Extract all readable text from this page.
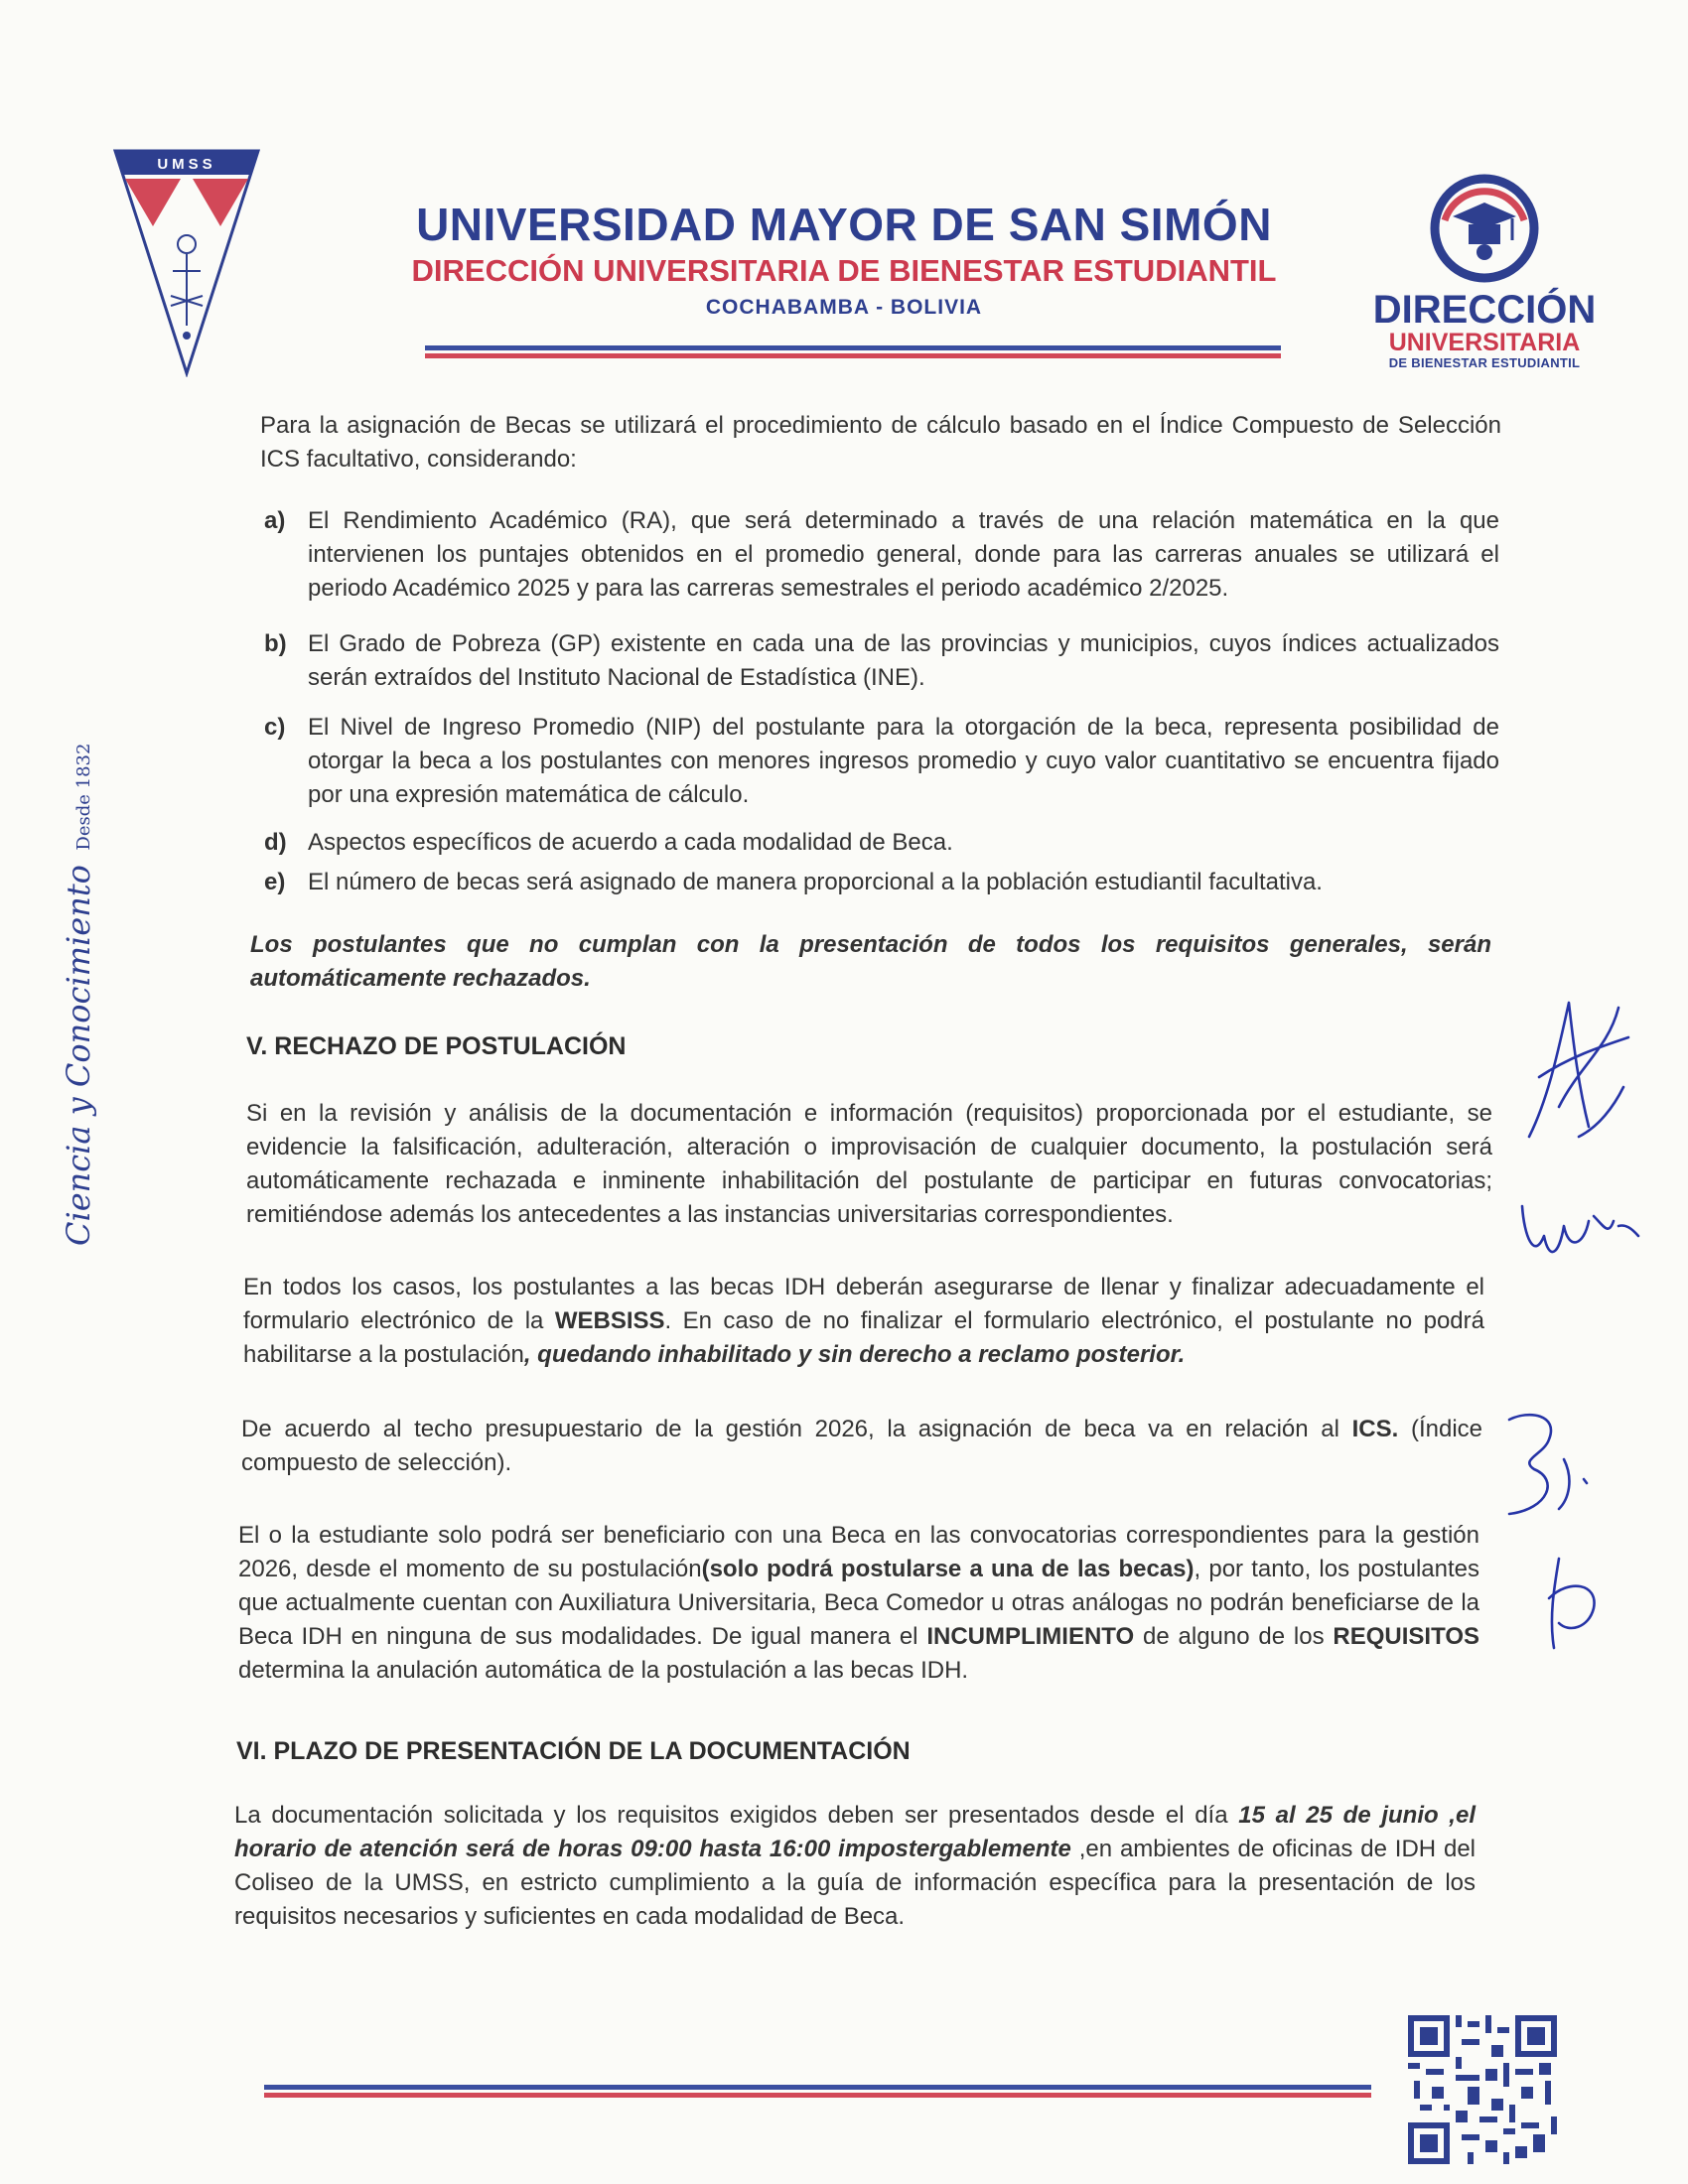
UMSS
UNIVERSIDAD MAYOR DE SAN SIMÓN
DIRECCIÓN UNIVERSITARIA DE BIENESTAR ESTUDIANTIL
COCHABAMBA - BOLIVIA	DIRECCIÓN
UNIVERSITARIA
DE BIENESTAR ESTUDIANTIL
Ciencia y Conocimiento Desde 1832

Para la asignación de Becas se utilizará el procedimiento de cálculo basado en el Índice Compuesto de Selección ICS facultativo, considerando:

a) El Rendimiento Académico (RA), que será determinado a través de una relación matemática en la que intervienen los puntajes obtenidos en el promedio general, donde para las carreras anuales se utilizará el periodo Académico 2025 y para las carreras semestrales el periodo académico 2/2025.

b) El Grado de Pobreza (GP) existente en cada una de las provincias y municipios, cuyos índices actualizados serán extraídos del Instituto Nacional de Estadística (INE).

c) El Nivel de Ingreso Promedio (NIP) del postulante para la otorgación de la beca, representa posibilidad de otorgar la beca a los postulantes con menores ingresos promedio y cuyo valor cuantitativo se encuentra fijado por una expresión matemática de cálculo.

d) Aspectos específicos de acuerdo a cada modalidad de Beca.

e) El número de becas será asignado de manera proporcional a la población estudiantil facultativa.

Los postulantes que no cumplan con la presentación de todos los requisitos generales, serán automáticamente rechazados.

V. RECHAZO DE POSTULACIÓN

Si en la revisión y análisis de la documentación e información (requisitos) proporcionada por el estudiante, se evidencie la falsificación, adulteración, alteración o improvisación de cualquier documento, la postulación será automáticamente rechazada e inminente inhabilitación del postulante de participar en futuras convocatorias; remitiéndose además los antecedentes a las instancias universitarias correspondientes.

En todos los casos, los postulantes a las becas IDH deberán asegurarse de llenar y finalizar adecuadamente el formulario electrónico de la WEBSISS. En caso de no finalizar el formulario electrónico, el postulante no podrá habilitarse a la postulación, quedando inhabilitado y sin derecho a reclamo posterior.

De acuerdo al techo presupuestario de la gestión 2026, la asignación de beca va en relación al ICS. (Índice compuesto de selección).

El o la estudiante solo podrá ser beneficiario con una Beca en las convocatorias correspondientes para la gestión 2026, desde el momento de su postulación(solo podrá postularse a una de las becas), por tanto, los postulantes que actualmente cuentan con Auxiliatura Universitaria, Beca Comedor u otras análogas no podrán beneficiarse de la Beca IDH en ninguna de sus modalidades. De igual manera el INCUMPLIMIENTO de alguno de los REQUISITOS determina la anulación automática de la postulación a las becas IDH.

VI. PLAZO DE PRESENTACIÓN DE LA DOCUMENTACIÓN

La documentación solicitada y los requisitos exigidos deben ser presentados desde el día 15 al 25 de junio ,el horario de atención será de horas 09:00 hasta 16:00 impostergablemente ,en ambientes de oficinas de IDH del Coliseo de la UMSS, en estricto cumplimiento a la guía de información específica para la presentación de los requisitos necesarios y suficientes en cada modalidad de Beca.
